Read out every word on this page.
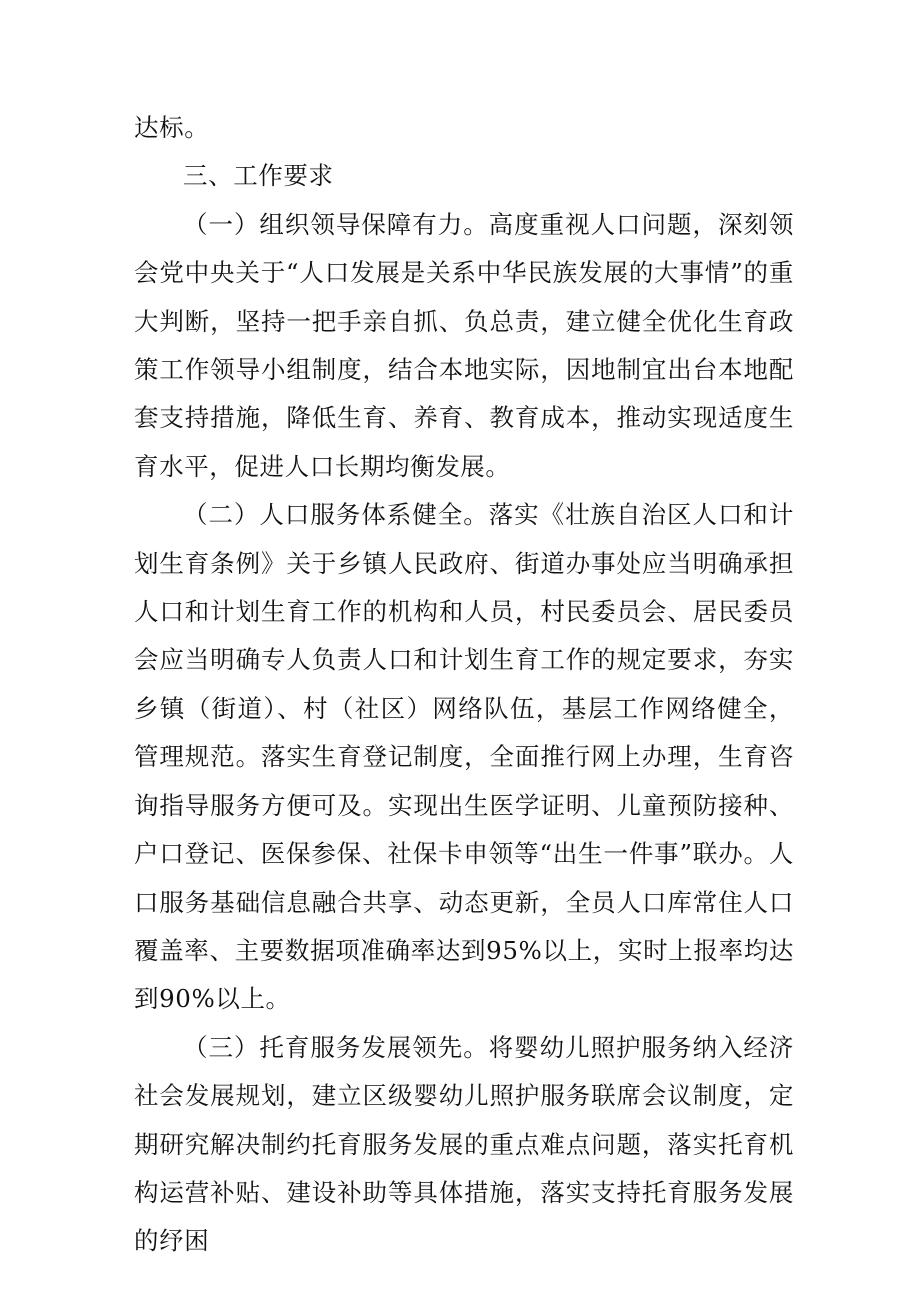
达标。

三、工作要求

（一）组织领导保障有力。高度重视人口问题，深刻领会党中央关于“人口发展是关系中华民族发展的大事情”的重大判断，坚持一把手亲自抓、负总责，建立健全优化生育政策工作领导小组制度，结合本地实际，因地制宜出台本地配套支持措施，降低生育、养育、教育成本，推动实现适度生育水平，促进人口长期均衡发展。

（二）人口服务体系健全。落实《壮族自治区人口和计划生育条例》关于乡镇人民政府、街道办事处应当明确承担人口和计划生育工作的机构和人员，村民委员会、居民委员会应当明确专人负责人口和计划生育工作的规定要求，夯实乡镇（街道）、村（社区）网络队伍，基层工作网络健全，管理规范。落实生育登记制度，全面推行网上办理，生育咨询指导服务方便可及。实现出生医学证明、儿童预防接种、户口登记、医保参保、社保卡申领等“出生一件事”联办。人口服务基础信息融合共享、动态更新，全员人口库常住人口覆盖率、主要数据项准确率达到95%以上，实时上报率均达到90%以上。

（三）托育服务发展领先。将婴幼儿照护服务纳入经济社会发展规划，建立区级婴幼儿照护服务联席会议制度，定期研究解决制约托育服务发展的重点难点问题，落实托育机构运营补贴、建设补助等具体措施，落实支持托育服务发展的纾困
